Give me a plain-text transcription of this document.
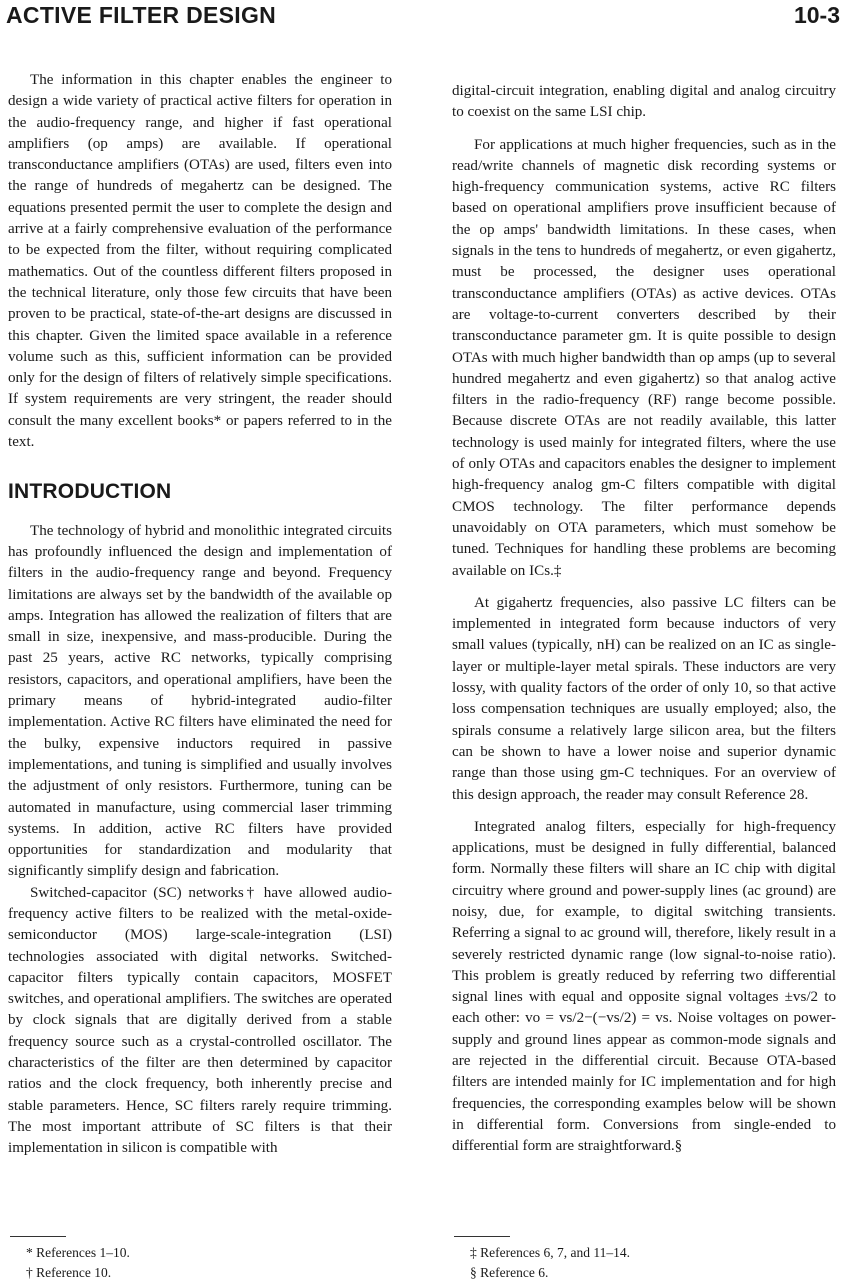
ACTIVE FILTER DESIGN	10-3

The information in this chapter enables the engineer to design a wide variety of practical active filters for operation in the audio-frequency range, and higher if fast operational amplifiers (op amps) are available. If operational transconductance amplifiers (OTAs) are used, filters even into the range of hundreds of megahertz can be designed. The equations presented permit the user to complete the design and arrive at a fairly comprehensive evaluation of the performance to be expected from the filter, without requiring complicated mathematics. Out of the countless different filters proposed in the technical literature, only those few circuits that have been proven to be practical, state-of-the-art designs are discussed in this chapter. Given the limited space available in a reference volume such as this, sufficient information can be provided only for the design of filters of relatively simple specifications. If system requirements are very stringent, the reader should consult the many excellent books* or papers referred to in the text.

INTRODUCTION

The technology of hybrid and monolithic integrated circuits has profoundly influenced the design and implementation of filters in the audio-frequency range and beyond. Frequency limitations are always set by the bandwidth of the available op amps. Integration has allowed the realization of filters that are small in size, inexpensive, and mass-producible. During the past 25 years, active RC networks, typically comprising resistors, capacitors, and operational amplifiers, have been the primary means of hybrid-integrated audio-filter implementation. Active RC filters have eliminated the need for the bulky, expensive inductors required in passive implementations, and tuning is simplified and usually involves the adjustment of only resistors. Furthermore, tuning can be automated in manufacture, using commercial laser trimming systems. In addition, active RC filters have provided opportunities for standardization and modularity that significantly simplify design and fabrication.

Switched-capacitor (SC) networks† have allowed audio-frequency active filters to be realized with the metal-oxide-semiconductor (MOS) large-scale-integration (LSI) technologies associated with digital networks. Switched-capacitor filters typically contain capacitors, MOSFET switches, and operational amplifiers. The switches are operated by clock signals that are digitally derived from a stable frequency source such as a crystal-controlled oscillator. The characteristics of the filter are then determined by capacitor ratios and the clock frequency, both inherently precise and stable parameters. Hence, SC filters rarely require trimming. The most important attribute of SC filters is that their implementation in silicon is compatible with

digital-circuit integration, enabling digital and analog circuitry to coexist on the same LSI chip.

For applications at much higher frequencies, such as in the read/write channels of magnetic disk recording systems or high-frequency communication systems, active RC filters based on operational amplifiers prove insufficient because of the op amps' bandwidth limitations. In these cases, when signals in the tens to hundreds of megahertz, or even gigahertz, must be processed, the designer uses operational transconductance amplifiers (OTAs) as active devices. OTAs are voltage-to-current converters described by their transconductance parameter gm. It is quite possible to design OTAs with much higher bandwidth than op amps (up to several hundred megahertz and even gigahertz) so that analog active filters in the radio-frequency (RF) range become possible. Because discrete OTAs are not readily available, this latter technology is used mainly for integrated filters, where the use of only OTAs and capacitors enables the designer to implement high-frequency analog gm-C filters compatible with digital CMOS technology. The filter performance depends unavoidably on OTA parameters, which must somehow be tuned. Techniques for handling these problems are becoming available on ICs.‡

At gigahertz frequencies, also passive LC filters can be implemented in integrated form because inductors of very small values (typically, nH) can be realized on an IC as single-layer or multiple-layer metal spirals. These inductors are very lossy, with quality factors of the order of only 10, so that active loss compensation techniques are usually employed; also, the spirals consume a relatively large silicon area, but the filters can be shown to have a lower noise and superior dynamic range than those using gm-C techniques. For an overview of this design approach, the reader may consult Reference 28.

Integrated analog filters, especially for high-frequency applications, must be designed in fully differential, balanced form. Normally these filters will share an IC chip with digital circuitry where ground and power-supply lines (ac ground) are noisy, due, for example, to digital switching transients. Referring a signal to ac ground will, therefore, likely result in a severely restricted dynamic range (low signal-to-noise ratio). This problem is greatly reduced by referring two differential signal lines with equal and opposite signal voltages ±vs/2 to each other: vo = vs/2−(−vs/2) = vs. Noise voltages on power-supply and ground lines appear as common-mode signals and are rejected in the differential circuit. Because OTA-based filters are intended mainly for IC implementation and for high frequencies, the corresponding examples below will be shown in differential form. Conversions from single-ended to differential form are straightforward.§

* References 1–10.
† Reference 10.
‡ References 6, 7, and 11–14.
§ Reference 6.
